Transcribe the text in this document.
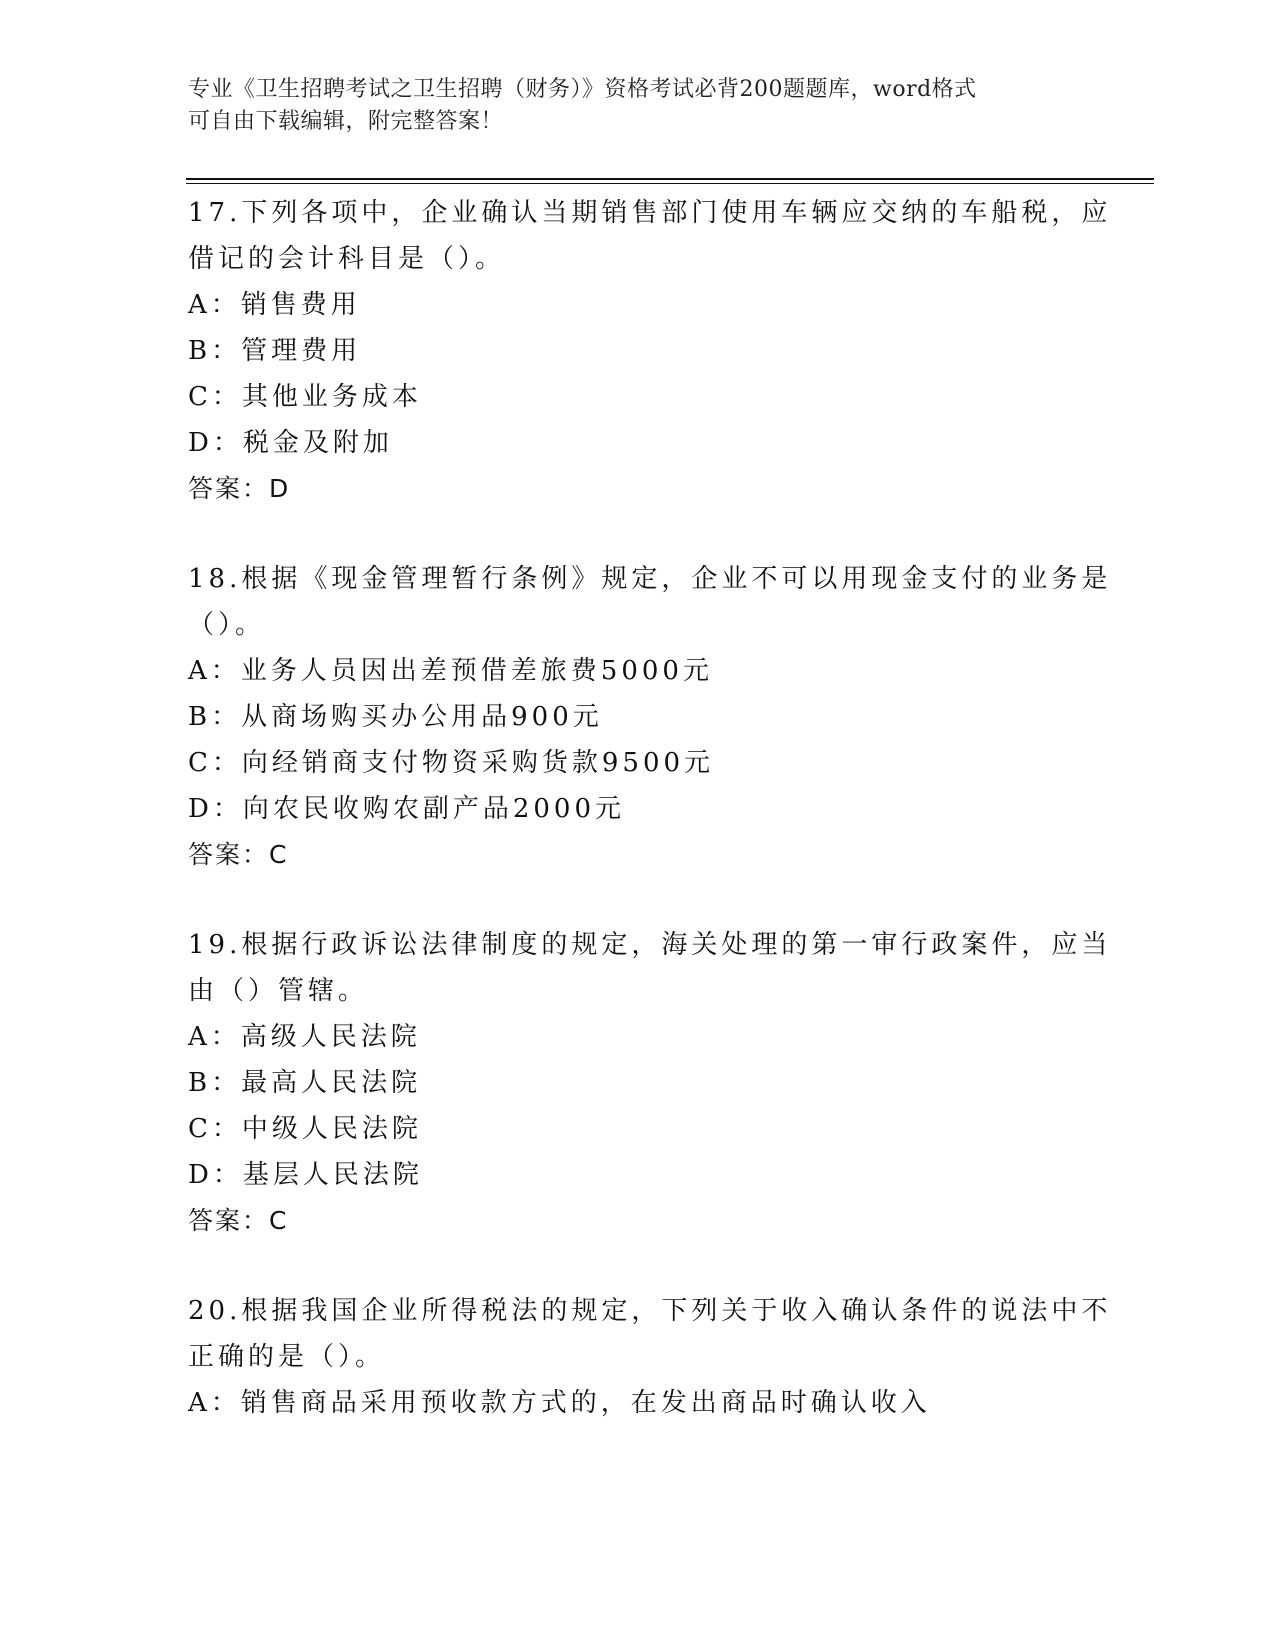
专业《卫生招聘考试之卫生招聘（财务）》资格考试必背200题题库，word格式
可自由下载编辑，附完整答案！
17.下列各项中，企业确认当期销售部门使用车辆应交纳的车船税，应
借记的会计科目是（）。
A：销售费用
B：管理费用
C：其他业务成本
D：税金及附加
答案：D
18.根据《现金管理暂行条例》规定，企业不可以用现金支付的业务是
（）。
A：业务人员因出差预借差旅费5000元
B：从商场购买办公用品900元
C：向经销商支付物资采购货款9500元
D：向农民收购农副产品2000元
答案：C
19.根据行政诉讼法律制度的规定，海关处理的第一审行政案件，应当
由（）管辖。
A：高级人民法院
B：最高人民法院
C：中级人民法院
D：基层人民法院
答案：C
20.根据我国企业所得税法的规定，下列关于收入确认条件的说法中不
正确的是（）。
A：销售商品采用预收款方式的，在发出商品时确认收入
